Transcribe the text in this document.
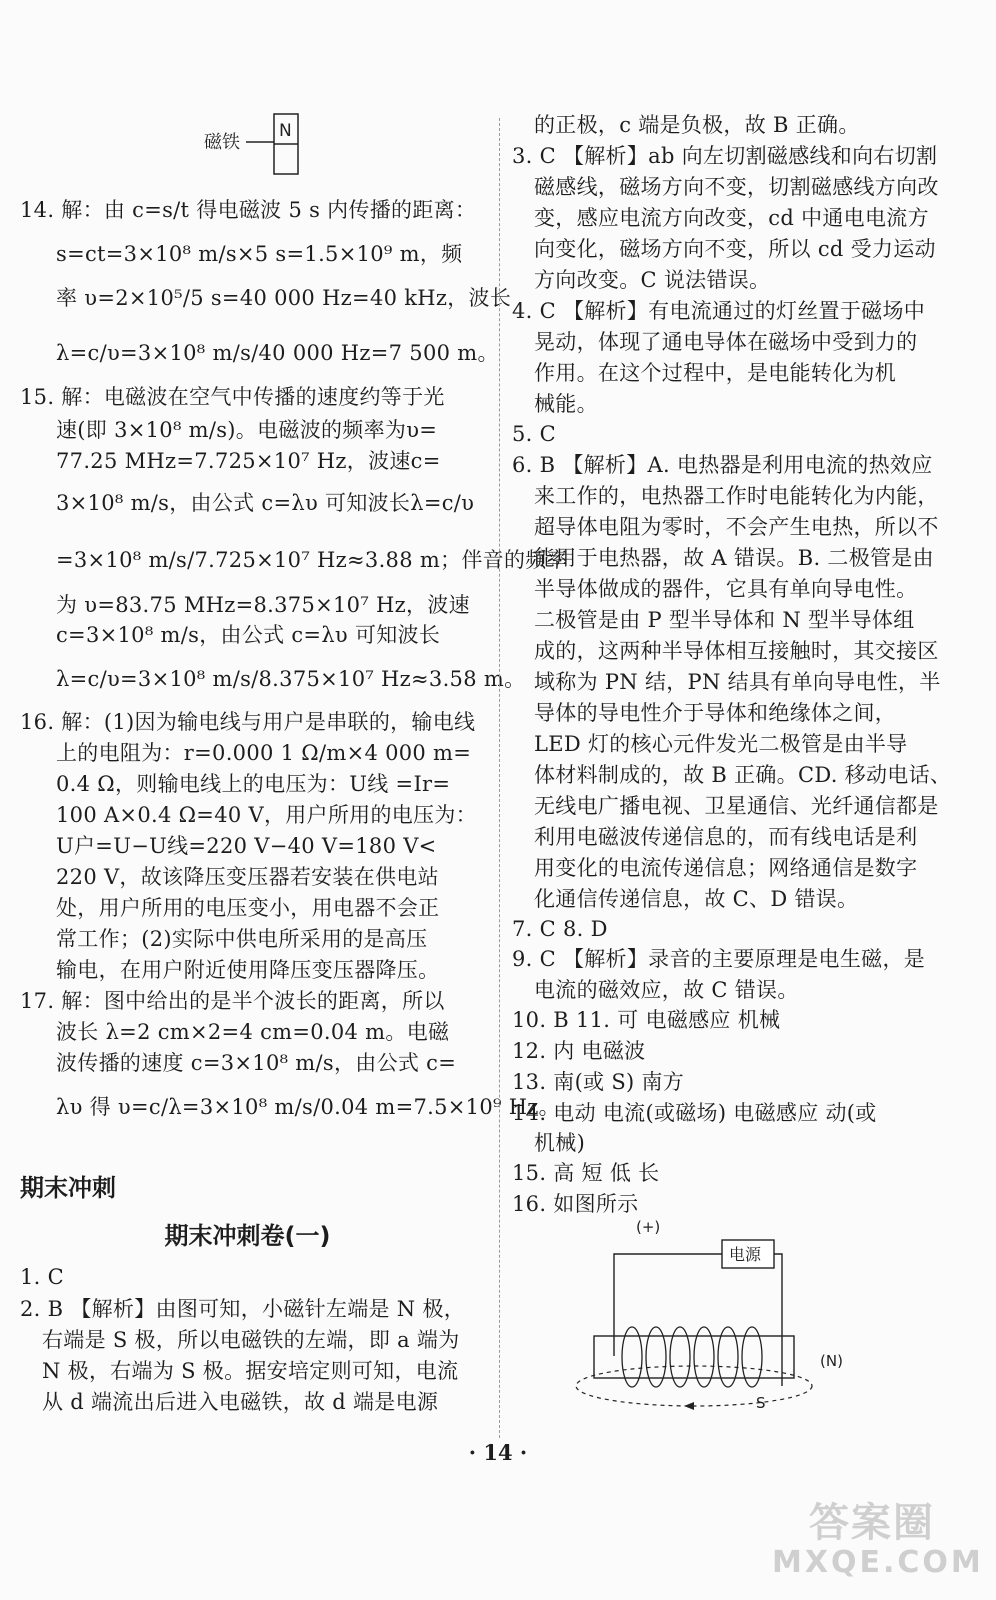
磁铁
N
14. 解：由 c=s/t 得电磁波 5 s 内传播的距离：
s=ct=3×10⁸ m/s×5 s=1.5×10⁹ m，频
率 υ=2×10⁵/5 s=40 000 Hz=40 kHz，波长
λ=c/υ=3×10⁸ m/s/40 000 Hz=7 500 m。
15. 解：电磁波在空气中传播的速度约等于光
速(即 3×10⁸ m/s)。电磁波的频率为υ=
77.25 MHz=7.725×10⁷ Hz，波速c=
3×10⁸ m/s，由公式 c=λυ 可知波长λ=c/υ
=3×10⁸ m/s/7.725×10⁷ Hz≈3.88 m；伴音的频率
为 υ=83.75 MHz=8.375×10⁷ Hz，波速
c=3×10⁸ m/s，由公式 c=λυ 可知波长
λ=c/υ=3×10⁸ m/s/8.375×10⁷ Hz≈3.58 m。
16. 解：(1)因为输电线与用户是串联的，输电线
上的电阻为：r=0.000 1 Ω/m×4 000 m=
0.4 Ω，则输电线上的电压为：U线 =Ir=
100 A×0.4 Ω=40 V，用户所用的电压为：
U户=U−U线=220 V−40 V=180 V<
220 V，故该降压变压器若安装在供电站
处，用户所用的电压变小，用电器不会正
常工作；(2)实际中供电所采用的是高压
输电，在用户附近使用降压变压器降压。
17. 解：图中给出的是半个波长的距离，所以
波长 λ=2 cm×2=4 cm=0.04 m。电磁
波传播的速度 c=3×10⁸ m/s，由公式 c=
λυ 得 υ=c/λ=3×10⁸ m/s/0.04 m=7.5×10⁹ Hz。
期末冲刺
期末冲刺卷(一)
1. C
2. B 【解析】由图可知，小磁针左端是 N 极，
右端是 S 极，所以电磁铁的左端，即 a 端为
N 极，右端为 S 极。据安培定则可知，电流
从 d 端流出后进入电磁铁，故 d 端是电源
的正极，c 端是负极，故 B 正确。
3. C 【解析】ab 向左切割磁感线和向右切割
磁感线，磁场方向不变，切割磁感线方向改
变，感应电流方向改变，cd 中通电电流方
向变化，磁场方向不变，所以 cd 受力运动
方向改变。C 说法错误。
4. C 【解析】有电流通过的灯丝置于磁场中
晃动，体现了通电导体在磁场中受到力的
作用。在这个过程中，是电能转化为机
械能。
5. C
6. B 【解析】A. 电热器是利用电流的热效应
来工作的，电热器工作时电能转化为内能，
超导体电阻为零时，不会产生电热，所以不
能用于电热器，故 A 错误。B. 二极管是由
半导体做成的器件，它具有单向导电性。
二极管是由 P 型半导体和 N 型半导体组
成的，这两种半导体相互接触时，其交接区
域称为 PN 结，PN 结具有单向导电性，半
导体的导电性介于导体和绝缘体之间，
LED 灯的核心元件发光二极管是由半导
体材料制成的，故 B 正确。CD. 移动电话、
无线电广播电视、卫星通信、光纤通信都是
利用电磁波传递信息的，而有线电话是利
用变化的电流传递信息；网络通信是数字
化通信传递信息，故 C、D 错误。
7. C 8. D
9. C 【解析】录音的主要原理是电生磁，是
电流的磁效应，故 C 错误。
10. B 11. 可 电磁感应 机械
12. 内 电磁波
13. 南(或 S) 南方
14. 电动 电流(或磁场) 电磁感应 动(或
机械)
15. 高 短 低 长
16. 如图所示
(+)
电源
S
(N)
· 14 ·
答案圈
MXQE.COM
